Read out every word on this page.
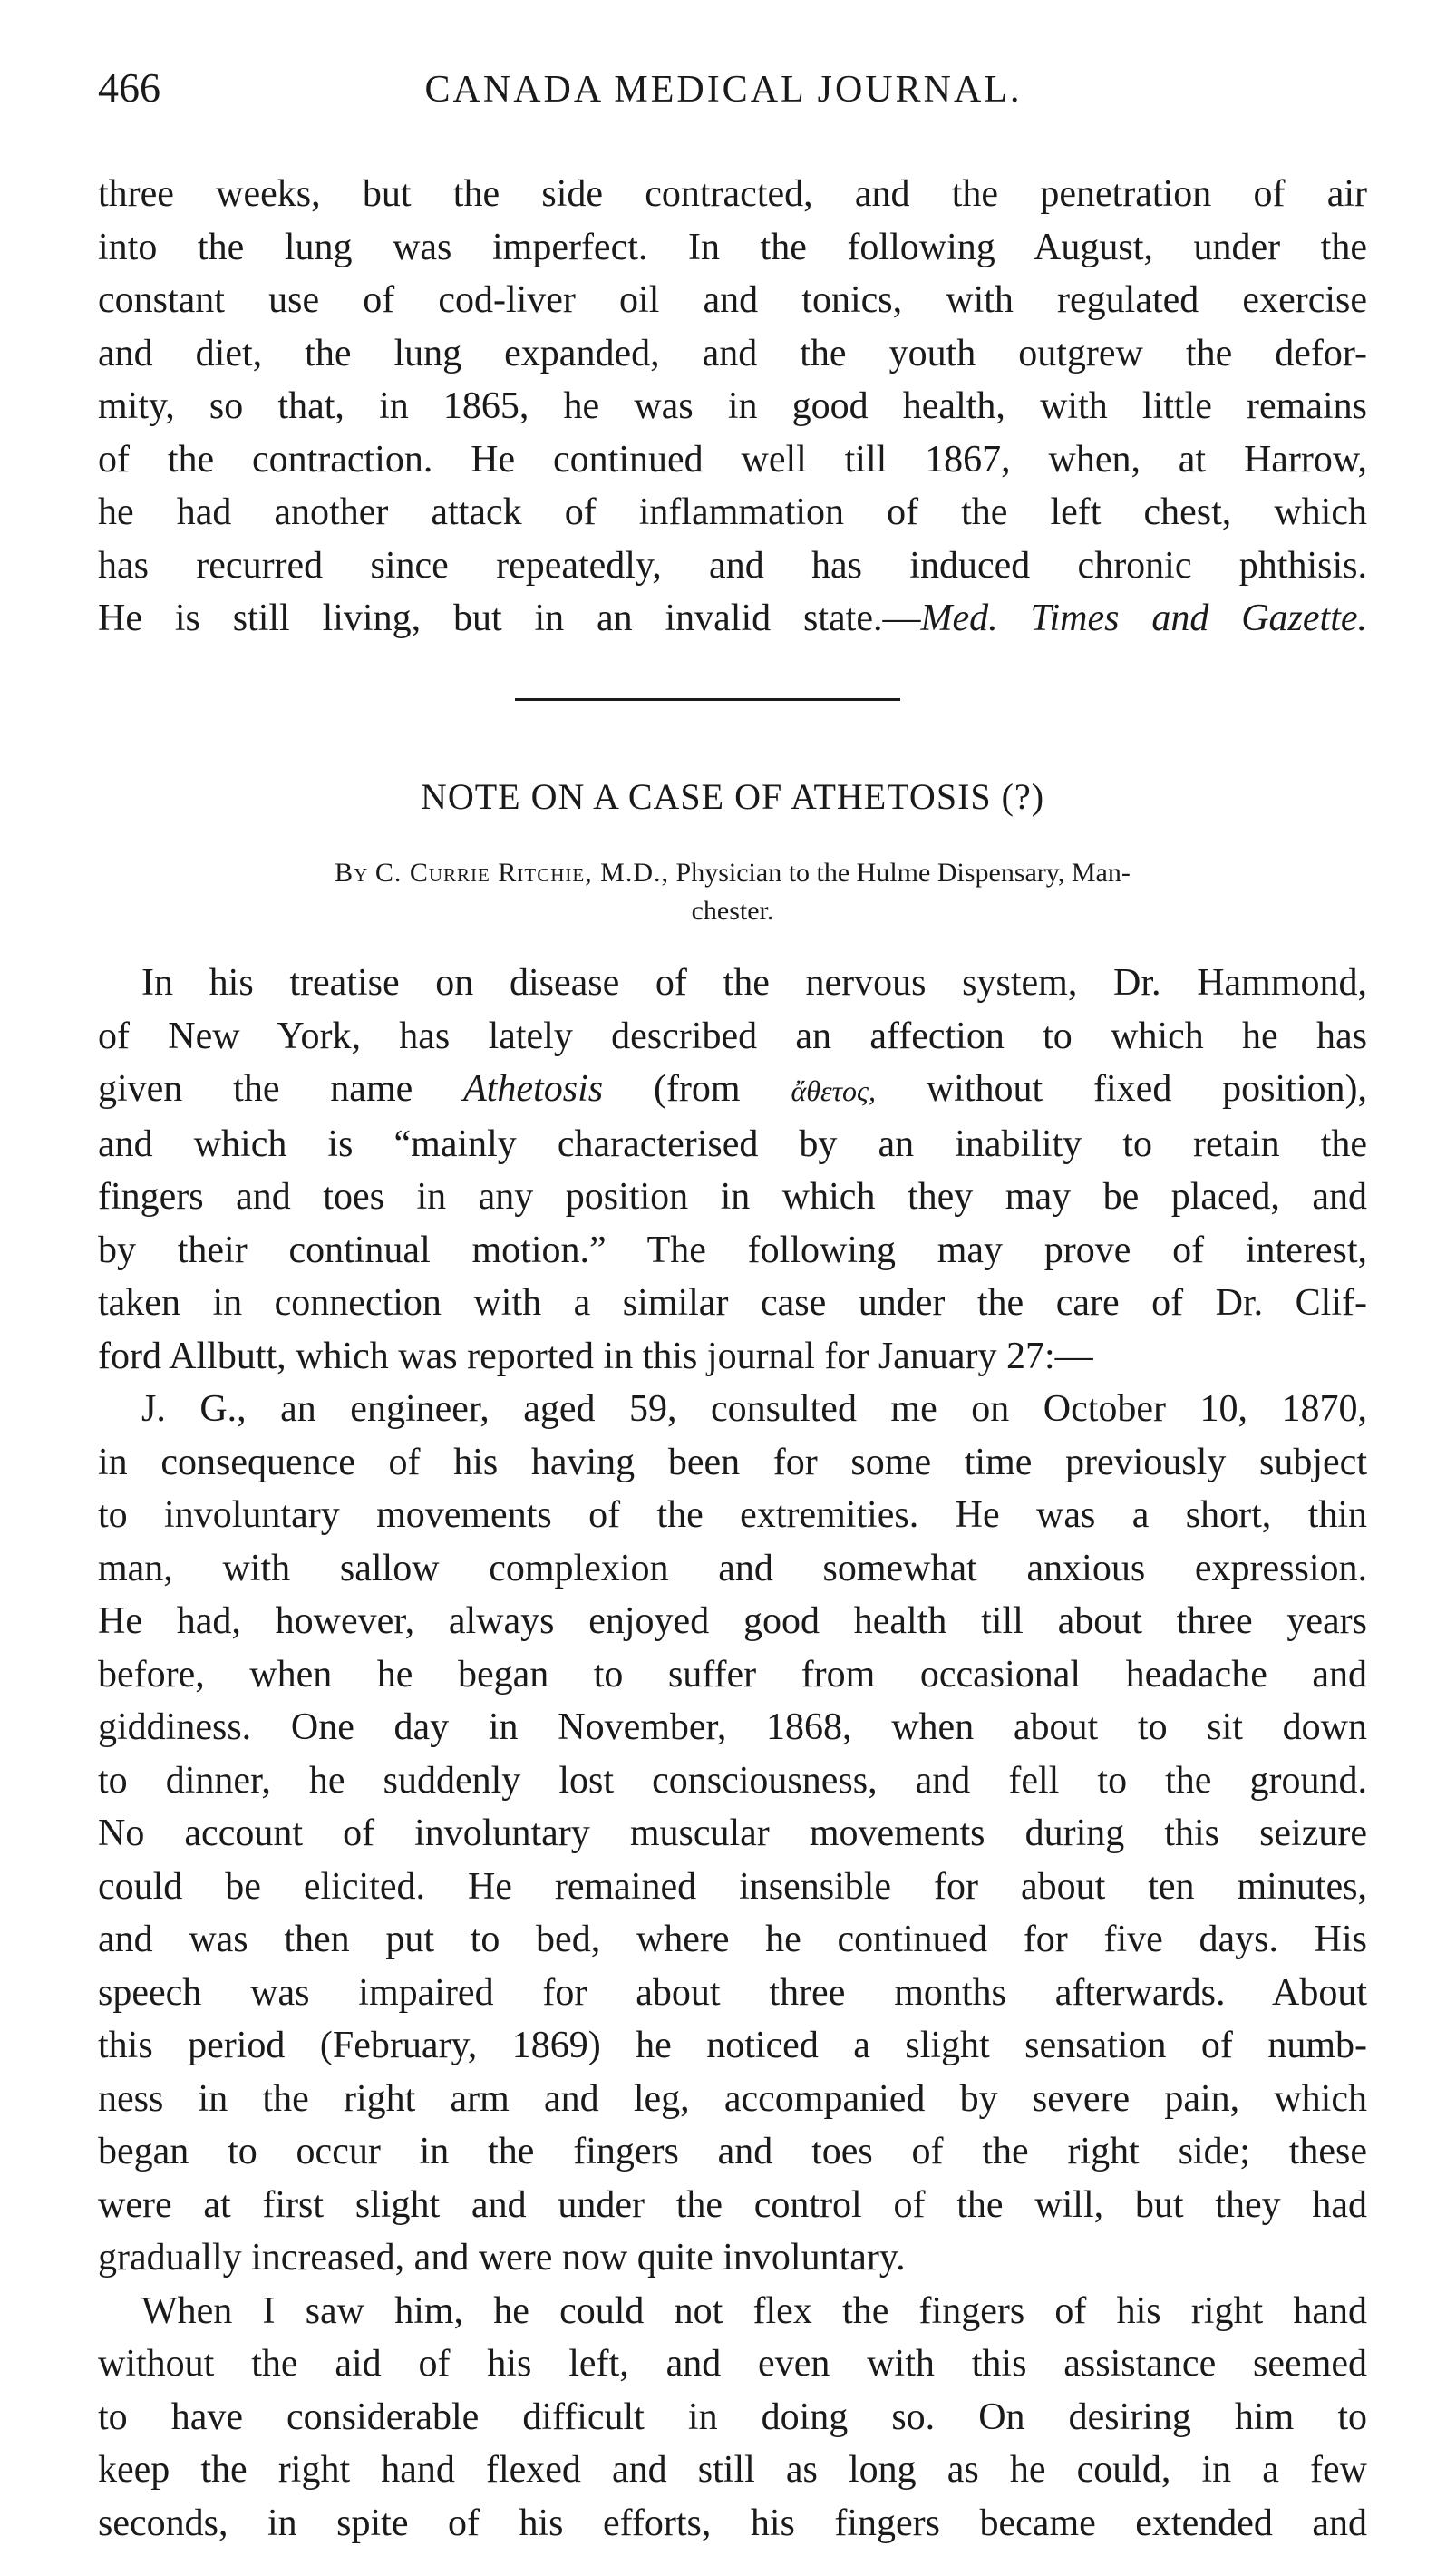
466	CANADA MEDICAL JOURNAL.
three weeks, but the side contracted, and the penetration of air
into the lung was imperfect. In the following August, under the
constant use of cod-liver oil and tonics, with regulated exercise
and diet, the lung expanded, and the youth outgrew the defor-
mity, so that, in 1865, he was in good health, with little remains
of the contraction. He continued well till 1867, when, at Harrow,
he had another attack of inflammation of the left chest, which
has recurred since repeatedly, and has induced chronic phthisis.
He is still living, but in an invalid state.—Med. Times and Gazette.
NOTE ON A CASE OF ATHETOSIS (?)
By C. Currie Ritchie, M.D., Physician to the Hulme Dispensary, Man-
chester.
In his treatise on disease of the nervous system, Dr. Hammond,
of New York, has lately described an affection to which he has
given the name Athetosis (from ἄθετος, without fixed position),
and which is “mainly characterised by an inability to retain the
fingers and toes in any position in which they may be placed, and
by their continual motion.” The following may prove of interest,
taken in connection with a similar case under the care of Dr. Clif-
ford Allbutt, which was reported in this journal for January 27:—
J. G., an engineer, aged 59, consulted me on October 10, 1870,
in consequence of his having been for some time previously subject
to involuntary movements of the extremities. He was a short, thin
man, with sallow complexion and somewhat anxious expression.
He had, however, always enjoyed good health till about three years
before, when he began to suffer from occasional headache and
giddiness. One day in November, 1868, when about to sit down
to dinner, he suddenly lost consciousness, and fell to the ground.
No account of involuntary muscular movements during this seizure
could be elicited. He remained insensible for about ten minutes,
and was then put to bed, where he continued for five days. His
speech was impaired for about three months afterwards. About
this period (February, 1869) he noticed a slight sensation of numb-
ness in the right arm and leg, accompanied by severe pain, which
began to occur in the fingers and toes of the right side; these
were at first slight and under the control of the will, but they had
gradually increased, and were now quite involuntary.
When I saw him, he could not flex the fingers of his right hand
without the aid of his left, and even with this assistance seemed
to have considerable difficult in doing so. On desiring him to
keep the right hand flexed and still as long as he could, in a few
seconds, in spite of his efforts, his fingers became extended and
